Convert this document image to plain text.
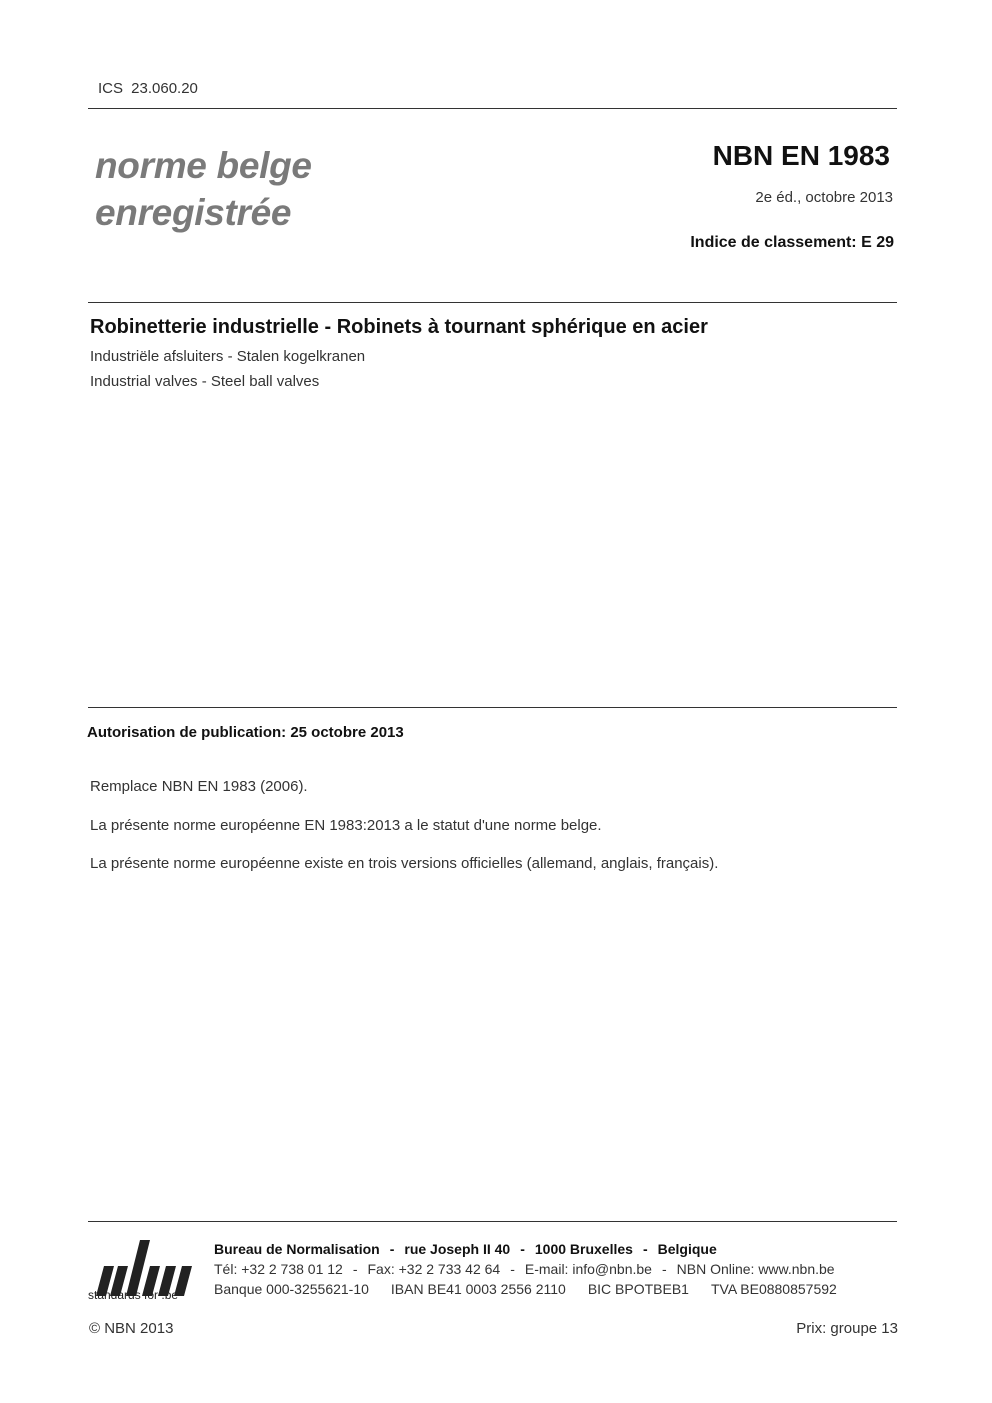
ICS 23.060.20
norme belge
enregistrée
NBN EN 1983
2e éd., octobre 2013
Indice de classement: E 29
Robinetterie industrielle - Robinets à tournant sphérique en acier
Industriële afsluiters - Stalen kogelkranen
Industrial valves - Steel ball valves
Autorisation de publication: 25 octobre 2013
Remplace NBN EN 1983 (2006).
La présente norme européenne EN 1983:2013 a le statut d'une norme belge.
La présente norme européenne existe en trois versions officielles (allemand, anglais, français).
standards for .be
Bureau de Normalisation - rue Joseph II 40 - 1000 Bruxelles - Belgique
Tél: +32 2 738 01 12 - Fax: +32 2 733 42 64 - E-mail: info@nbn.be - NBN Online: www.nbn.be
Banque 000-3255621-10 IBAN BE41 0003 2556 2110 BIC BPOTBEB1 TVA BE0880857592
© NBN 2013	Prix: groupe 13
